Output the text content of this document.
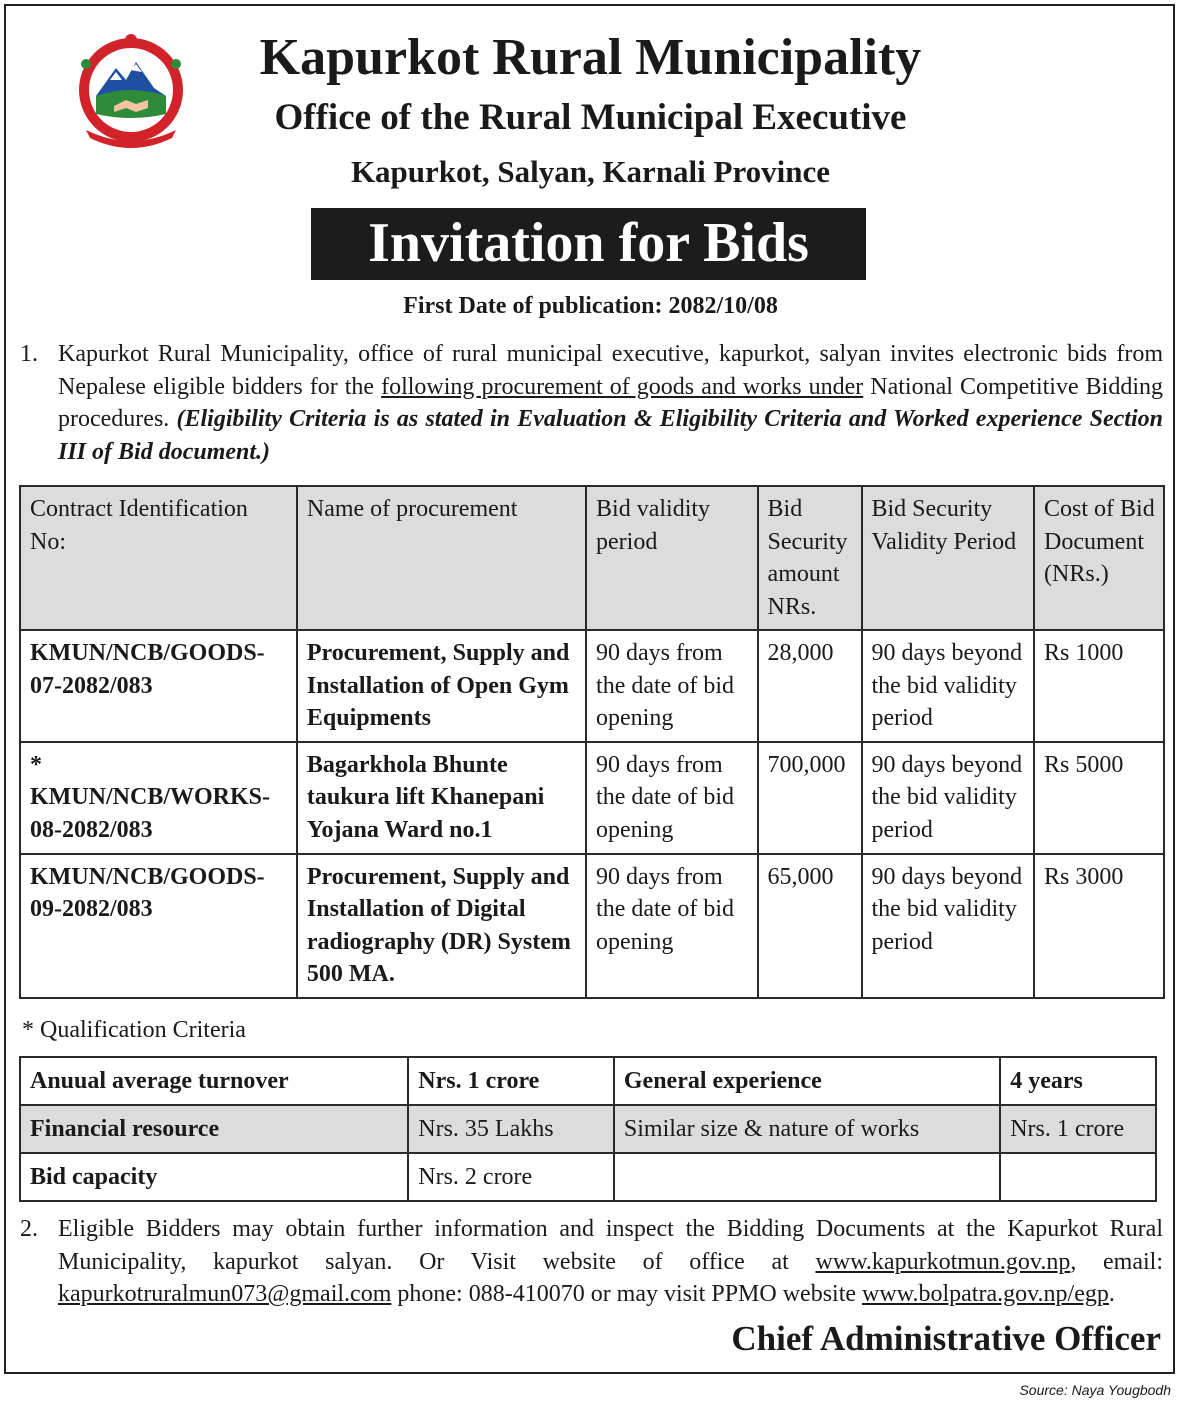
Kapurkot Rural Municipality
Office of the Rural Municipal Executive
Kapurkot, Salyan, Karnali Province
Invitation for Bids
First Date of publication: 2082/10/08
1. Kapurkot Rural Municipality, office of rural municipal executive, kapurkot, salyan invites electronic bids from Nepalese eligible bidders for the following procurement of goods and works under National Competitive Bidding procedures. (Eligibility Criteria is as stated in Evaluation & Eligibility Criteria and Worked experience Section III of Bid document.)
Contract Identification No:	Name of procurement	Bid validity period	Bid Security amount NRs.	Bid Security Validity Period	Cost of Bid Document (NRs.)
KMUN/NCB/GOODS-07-2082/083	Procurement, Supply and Installation of Open Gym Equipments	90 days from the date of bid opening	28,000	90 days beyond the bid validity period	Rs 1000
* KMUN/NCB/WORKS-08-2082/083	Bagarkhola Bhunte taukura lift Khanepani Yojana Ward no.1	90 days from the date of bid opening	700,000	90 days beyond the bid validity period	Rs 5000
KMUN/NCB/GOODS-09-2082/083	Procurement, Supply and Installation of Digital radiography (DR) System 500 MA.	90 days from the date of bid opening	65,000	90 days beyond the bid validity period	Rs 3000
* Qualification Criteria
Anuual average turnover	Nrs. 1 crore	General experience	4 years
Financial resource	Nrs. 35 Lakhs	Similar size & nature of works	Nrs. 1 crore
Bid capacity	Nrs. 2 crore		
2. Eligible Bidders may obtain further information and inspect the Bidding Documents at the Kapurkot Rural Municipality, kapurkot salyan. Or Visit website of office at www.kapurkotmun.gov.np, email: kapurkotruralmun073@gmail.com phone: 088-410070 or may visit PPMO website www.bolpatra.gov.np/egp.
Chief Administrative Officer
Source: Naya Yougbodh
